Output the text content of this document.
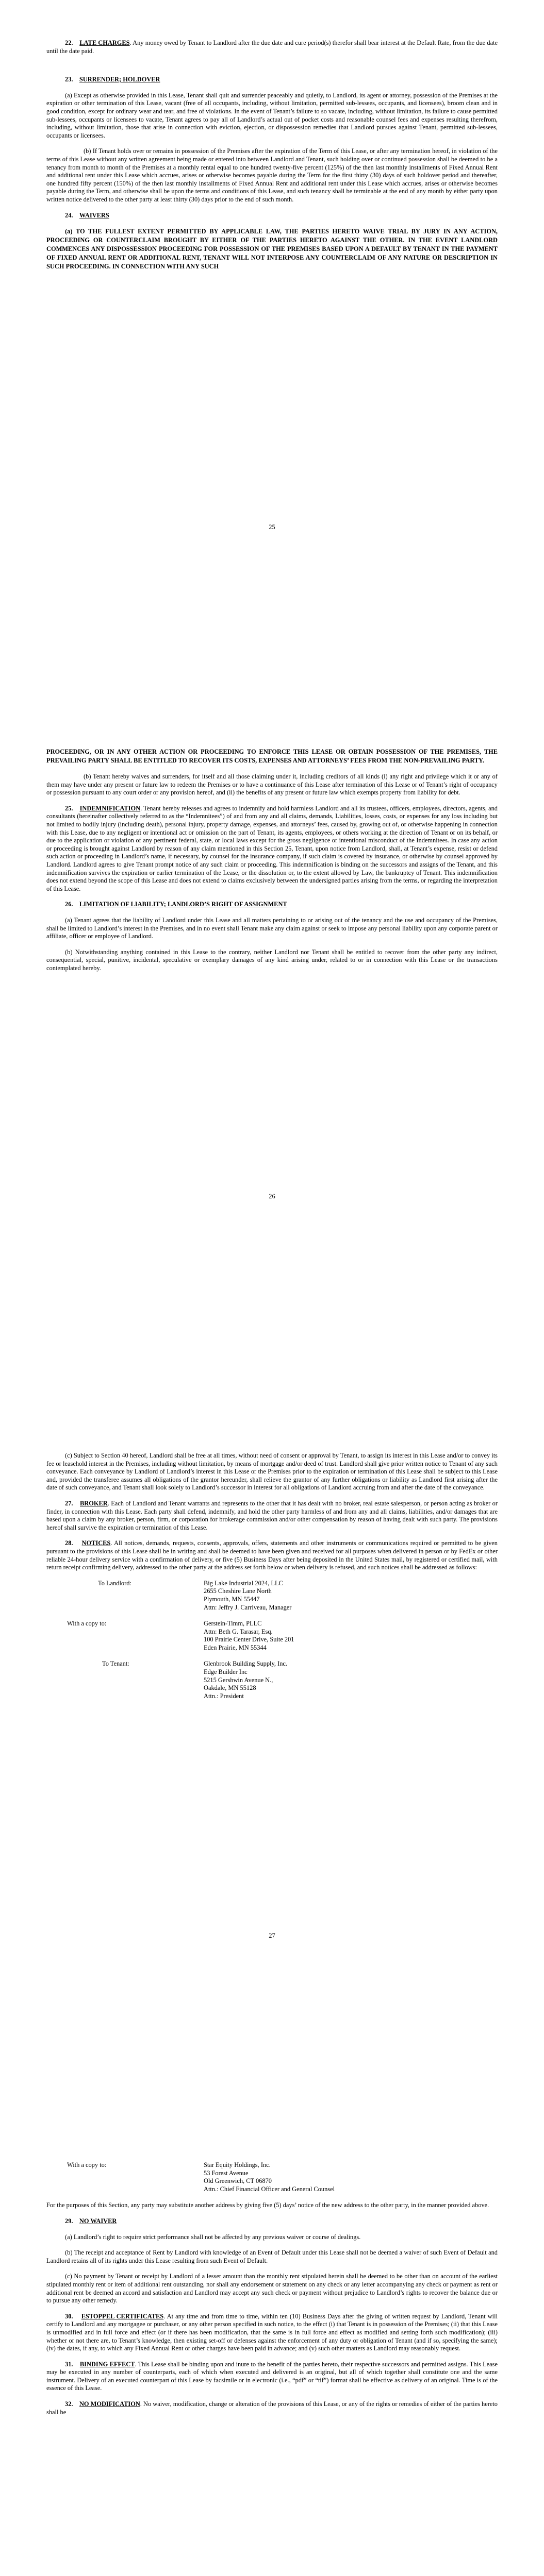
22. LATE CHARGES. Any money owed by Tenant to Landlord after the due date and cure period(s) therefor shall bear interest at the Default Rate, from the due date until the date paid.

23. SURRENDER; HOLDOVER

(a) Except as otherwise provided in this Lease, Tenant shall quit and surrender peaceably and quietly, to Landlord, its agent or attorney, possession of the Premises at the expiration or other termination of this Lease, vacant (free of all occupants, including, without limitation, permitted sub-lessees, occupants, and licensees), broom clean and in good condition, except for ordinary wear and tear, and free of violations. In the event of Tenant’s failure to so vacate, including, without limitation, its failure to cause permitted sub-lessees, occupants or licensees to vacate, Tenant agrees to pay all of Landlord’s actual out of pocket costs and reasonable counsel fees and expenses resulting therefrom, including, without limitation, those that arise in connection with eviction, ejection, or dispossession remedies that Landlord pursues against Tenant, permitted sub-lessees, occupants or licensees.

(b) If Tenant holds over or remains in possession of the Premises after the expiration of the Term of this Lease, or after any termination hereof, in violation of the terms of this Lease without any written agreement being made or entered into between Landlord and Tenant, such holding over or continued possession shall be deemed to be a tenancy from month to month of the Premises at a monthly rental equal to one hundred twenty-five percent (125%) of the then last monthly installments of Fixed Annual Rent and additional rent under this Lease which accrues, arises or otherwise becomes payable during the Term for the first thirty (30) days of such holdover period and thereafter, one hundred fifty percent (150%) of the then last monthly installments of Fixed Annual Rent and additional rent under this Lease which accrues, arises or otherwise becomes payable during the Term, and otherwise shall be upon the terms and conditions of this Lease, and such tenancy shall be terminable at the end of any month by either party upon written notice delivered to the other party at least thirty (30) days prior to the end of such month.

24. WAIVERS

(a) TO THE FULLEST EXTENT PERMITTED BY APPLICABLE LAW, THE PARTIES HERETO WAIVE TRIAL BY JURY IN ANY ACTION, PROCEEDING OR COUNTERCLAIM BROUGHT BY EITHER OF THE PARTIES HERETO AGAINST THE OTHER. IN THE EVENT LANDLORD COMMENCES ANY DISPOSSESSION PROCEEDING FOR POSSESSION OF THE PREMISES BASED UPON A DEFAULT BY TENANT IN THE PAYMENT OF FIXED ANNUAL RENT OR ADDITIONAL RENT, TENANT WILL NOT INTERPOSE ANY COUNTERCLAIM OF ANY NATURE OR DESCRIPTION IN SUCH PROCEEDING. IN CONNECTION WITH ANY SUCH

25

PROCEEDING, OR IN ANY OTHER ACTION OR PROCEEDING TO ENFORCE THIS LEASE OR OBTAIN POSSESSION OF THE PREMISES, THE PREVAILING PARTY SHALL BE ENTITLED TO RECOVER ITS COSTS, EXPENSES AND ATTORNEYS’ FEES FROM THE NON-PREVAILING PARTY.

(b) Tenant hereby waives and surrenders, for itself and all those claiming under it, including creditors of all kinds (i) any right and privilege which it or any of them may have under any present or future law to redeem the Premises or to have a continuance of this Lease after termination of this Lease or of Tenant’s right of occupancy or possession pursuant to any court order or any provision hereof, and (ii) the benefits of any present or future law which exempts property from liability for debt.

25. INDEMNIFICATION. Tenant hereby releases and agrees to indemnify and hold harmless Landlord and all its trustees, officers, employees, directors, agents, and consultants (hereinafter collectively referred to as the “Indemnitees”) of and from any and all claims, demands, Liabilities, losses, costs, or expenses for any loss including but not limited to bodily injury (including death), personal injury, property damage, expenses, and attorneys’ fees, caused by, growing out of, or otherwise happening in connection with this Lease, due to any negligent or intentional act or omission on the part of Tenant, its agents, employees, or others working at the direction of Tenant or on its behalf, or due to the application or violation of any pertinent federal, state, or local laws except for the gross negligence or intentional misconduct of the Indemnitees. In case any action or proceeding is brought against Landlord by reason of any claim mentioned in this Section 25, Tenant, upon notice from Landlord, shall, at Tenant’s expense, resist or defend such action or proceeding in Landlord’s name, if necessary, by counsel for the insurance company, if such claim is covered by insurance, or otherwise by counsel approved by Landlord. Landlord agrees to give Tenant prompt notice of any such claim or proceeding. This indemnification is binding on the successors and assigns of the Tenant, and this indemnification survives the expiration or earlier termination of the Lease, or the dissolution or, to the extent allowed by Law, the bankruptcy of Tenant. This indemnification does not extend beyond the scope of this Lease and does not extend to claims exclusively between the undersigned parties arising from the terms, or regarding the interpretation of this Lease.

26. LIMITATION OF LIABILITY; LANDLORD’S RIGHT OF ASSIGNMENT

(a) Tenant agrees that the liability of Landlord under this Lease and all matters pertaining to or arising out of the tenancy and the use and occupancy of the Premises, shall be limited to Landlord’s interest in the Premises, and in no event shall Tenant make any claim against or seek to impose any personal liability upon any corporate parent or affiliate, officer or employee of Landlord.

(b) Notwithstanding anything contained in this Lease to the contrary, neither Landlord nor Tenant shall be entitled to recover from the other party any indirect, consequential, special, punitive, incidental, speculative or exemplary damages of any kind arising under, related to or in connection with this Lease or the transactions contemplated hereby.

26

(c) Subject to Section 40 hereof, Landlord shall be free at all times, without need of consent or approval by Tenant, to assign its interest in this Lease and/or to convey its fee or leasehold interest in the Premises, including without limitation, by means of mortgage and/or deed of trust. Landlord shall give prior written notice to Tenant of any such conveyance. Each conveyance by Landlord of Landlord’s interest in this Lease or the Premises prior to the expiration or termination of this Lease shall be subject to this Lease and, provided the transferee assumes all obligations of the grantor hereunder, shall relieve the grantor of any further obligations or liability as Landlord first arising after the date of such conveyance, and Tenant shall look solely to Landlord’s successor in interest for all obligations of Landlord accruing from and after the date of the conveyance.

27. BROKER. Each of Landlord and Tenant warrants and represents to the other that it has dealt with no broker, real estate salesperson, or person acting as broker or finder, in connection with this Lease. Each party shall defend, indemnify, and hold the other party harmless of and from any and all claims, liabilities, and/or damages that are based upon a claim by any broker, person, firm, or corporation for brokerage commission and/or other compensation by reason of having dealt with such party. The provisions hereof shall survive the expiration or termination of this Lease.

28. NOTICES. All notices, demands, requests, consents, approvals, offers, statements and other instruments or communications required or permitted to be given pursuant to the provisions of this Lease shall be in writing and shall be deemed to have been given and received for all purposes when delivered in person or by FedEx or other reliable 24-hour delivery service with a confirmation of delivery, or five (5) Business Days after being deposited in the United States mail, by registered or certified mail, with return receipt confirming delivery, addressed to the other party at the address set forth below or when delivery is refused, and such notices shall be addressed as follows:

To Landlord:	Big Lake Industrial 2024, LLC
2655 Cheshire Lane North
Plymouth, MN 55447
Attn: Jeffry J. Carriveau, Manager
With a copy to:	Gerstein-Timm, PLLC
Attn: Beth G. Tarasar, Esq.
100 Prairie Center Drive, Suite 201
Eden Prairie, MN 55344
To Tenant:	Glenbrook Building Supply, Inc.
Edge Builder Inc
5215 Gershwin Avenue N.,
Oakdale, MN 55128
Attn.: President
27
With a copy to:	Star Equity Holdings, Inc.
53 Forest Avenue
Old Greenwich, CT 06870
Attn.: Chief Financial Officer and General Counsel

For the purposes of this Section, any party may substitute another address by giving five (5) days’ notice of the new address to the other party, in the manner provided above.

29. NO WAIVER

(a) Landlord’s right to require strict performance shall not be affected by any previous waiver or course of dealings.

(b) The receipt and acceptance of Rent by Landlord with knowledge of an Event of Default under this Lease shall not be deemed a waiver of such Event of Default and Landlord retains all of its rights under this Lease resulting from such Event of Default.

(c) No payment by Tenant or receipt by Landlord of a lesser amount than the monthly rent stipulated herein shall be deemed to be other than on account of the earliest stipulated monthly rent or item of additional rent outstanding, nor shall any endorsement or statement on any check or any letter accompanying any check or payment as rent or additional rent be deemed an accord and satisfaction and Landlord may accept any such check or payment without prejudice to Landlord’s rights to recover the balance due or to pursue any other remedy.

30. ESTOPPEL CERTIFICATES. At any time and from time to time, within ten (10) Business Days after the giving of written request by Landlord, Tenant will certify to Landlord and any mortgagee or purchaser, or any other person specified in such notice, to the effect (i) that Tenant is in possession of the Premises; (ii) that this Lease is unmodified and in full force and effect (or if there has been modification, that the same is in full force and effect as modified and setting forth such modification); (iii) whether or not there are, to Tenant’s knowledge, then existing set-off or defenses against the enforcement of any duty or obligation of Tenant (and if so, specifying the same); (iv) the dates, if any, to which any Fixed Annual Rent or other charges have been paid in advance; and (v) such other matters as Landlord may reasonably request.

31. BINDING EFFECT. This Lease shall be binding upon and inure to the benefit of the parties hereto, their respective successors and permitted assigns. This Lease may be executed in any number of counterparts, each of which when executed and delivered is an original, but all of which together shall constitute one and the same instrument. Delivery of an executed counterpart of this Lease by facsimile or in electronic (i.e., “pdf” or “tif”) format shall be effective as delivery of an original. Time is of the essence of this Lease.

32. NO MODIFICATION. No waiver, modification, change or alteration of the provisions of this Lease, or any of the rights or remedies of either of the parties hereto shall be
